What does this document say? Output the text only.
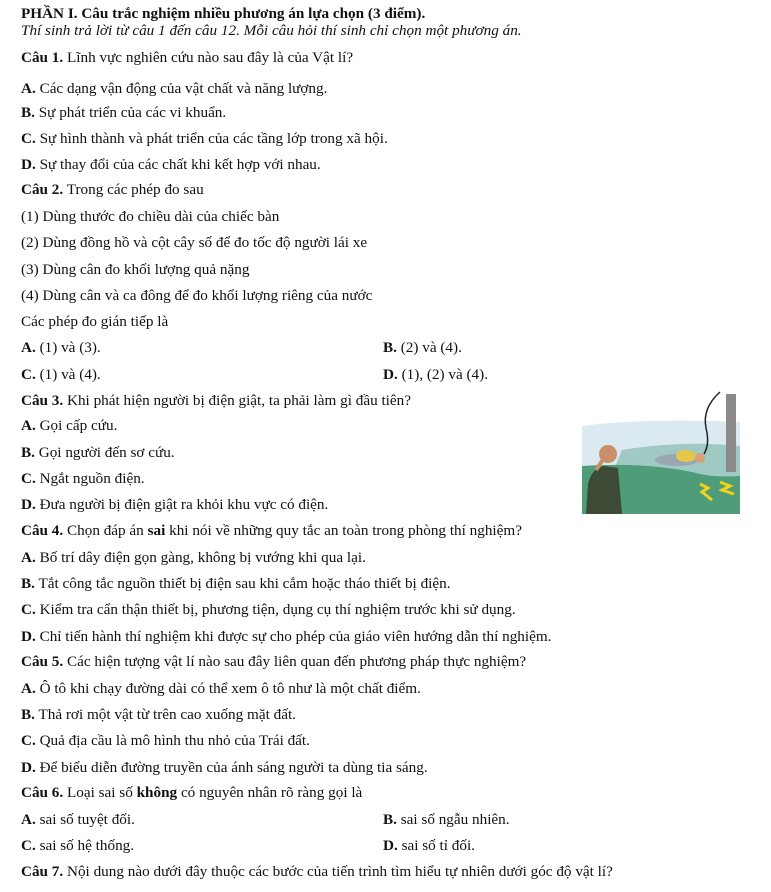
PHẦN I. Câu trắc nghiệm nhiều phương án lựa chọn (3 điểm).
Thí sinh trả lời từ câu 1 đến câu 12. Mỗi câu hỏi thí sinh chỉ chọn một phương án.
Câu 1. Lĩnh vực nghiên cứu nào sau đây là của Vật lí?
A. Các dạng vận động của vật chất và năng lượng.
B. Sự phát triển của các vi khuẩn.
C. Sự hình thành và phát triển của các tầng lớp trong xã hội.
D. Sự thay đổi của các chất khi kết hợp với nhau.
Câu 2. Trong các phép đo sau
(1) Dùng thước đo chiều dài của chiếc bàn
(2) Dùng đồng hồ và cột cây số để đo tốc độ người lái xe
(3) Dùng cân đo khối lượng quả nặng
(4) Dùng cân và ca đông để đo khối lượng riêng của nước
Các phép đo gián tiếp là
A. (1) và (3).	B. (2) và (4).
C. (1) và (4).	D. (1), (2) và (4).
Câu 3. Khi phát hiện người bị điện giật, ta phải làm gì đầu tiên?
A. Gọi cấp cứu.
B. Gọi người đến sơ cứu.
C. Ngắt nguồn điện.
D. Đưa người bị điện giật ra khỏi khu vực có điện.
Câu 4. Chọn đáp án sai khi nói về những quy tắc an toàn trong phòng thí nghiệm?
A. Bố trí dây điện gọn gàng, không bị vướng khi qua lại.
B. Tắt công tắc nguồn thiết bị điện sau khi cắm hoặc tháo thiết bị điện.
C. Kiểm tra cẩn thận thiết bị, phương tiện, dụng cụ thí nghiệm trước khi sử dụng.
D. Chỉ tiến hành thí nghiệm khi được sự cho phép của giáo viên hướng dẫn thí nghiệm.
Câu 5. Các hiện tượng vật lí nào sau đây liên quan đến phương pháp thực nghiệm?
A. Ô tô khi chạy đường dài có thể xem ô tô như là một chất điểm.
B. Thả rơi một vật từ trên cao xuống mặt đất.
C. Quả địa cầu là mô hình thu nhỏ của Trái đất.
D. Để biểu diễn đường truyền của ánh sáng người ta dùng tia sáng.
Câu 6. Loại sai số không có nguyên nhân rõ ràng gọi là
A. sai số tuyệt đối.	B. sai số ngẫu nhiên.
C. sai số hệ thống.	D. sai số tỉ đối.
Câu 7. Nội dung nào dưới đây thuộc các bước của tiến trình tìm hiểu tự nhiên dưới góc độ vật lí?
